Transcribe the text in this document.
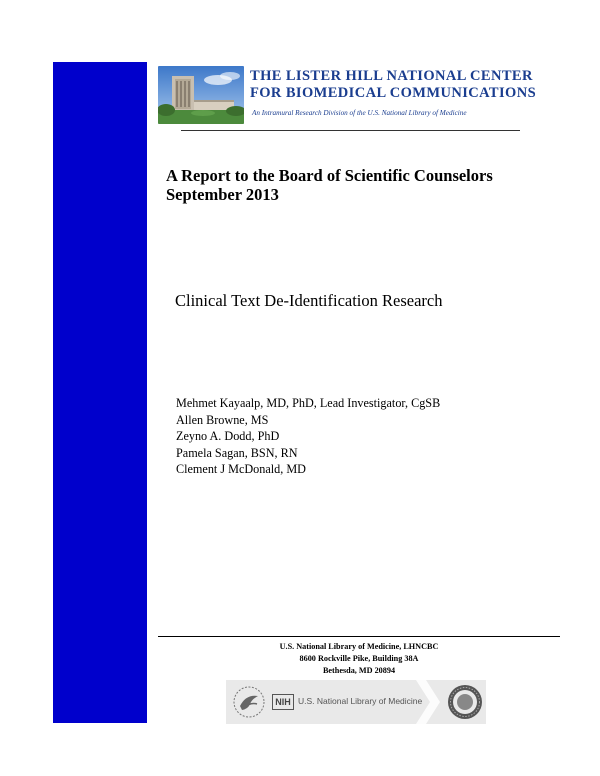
THE LISTER HILL NATIONAL CENTER
FOR BIOMEDICAL COMMUNICATIONS
An Intramural Research Division of the U.S. National Library of Medicine
A Report to the Board of Scientific Counselors
September 2013
Clinical Text De-Identification Research
Mehmet Kayaalp, MD, PhD, Lead Investigator, CgSB
Allen Browne, MS
Zeyno A. Dodd, PhD
Pamela Sagan, BSN, RN
Clement J McDonald, MD
U.S. National Library of Medicine, LHNCBC
8600 Rockville Pike, Building 38A
Bethesda, MD 20894
NIH U.S. National Library of Medicine
